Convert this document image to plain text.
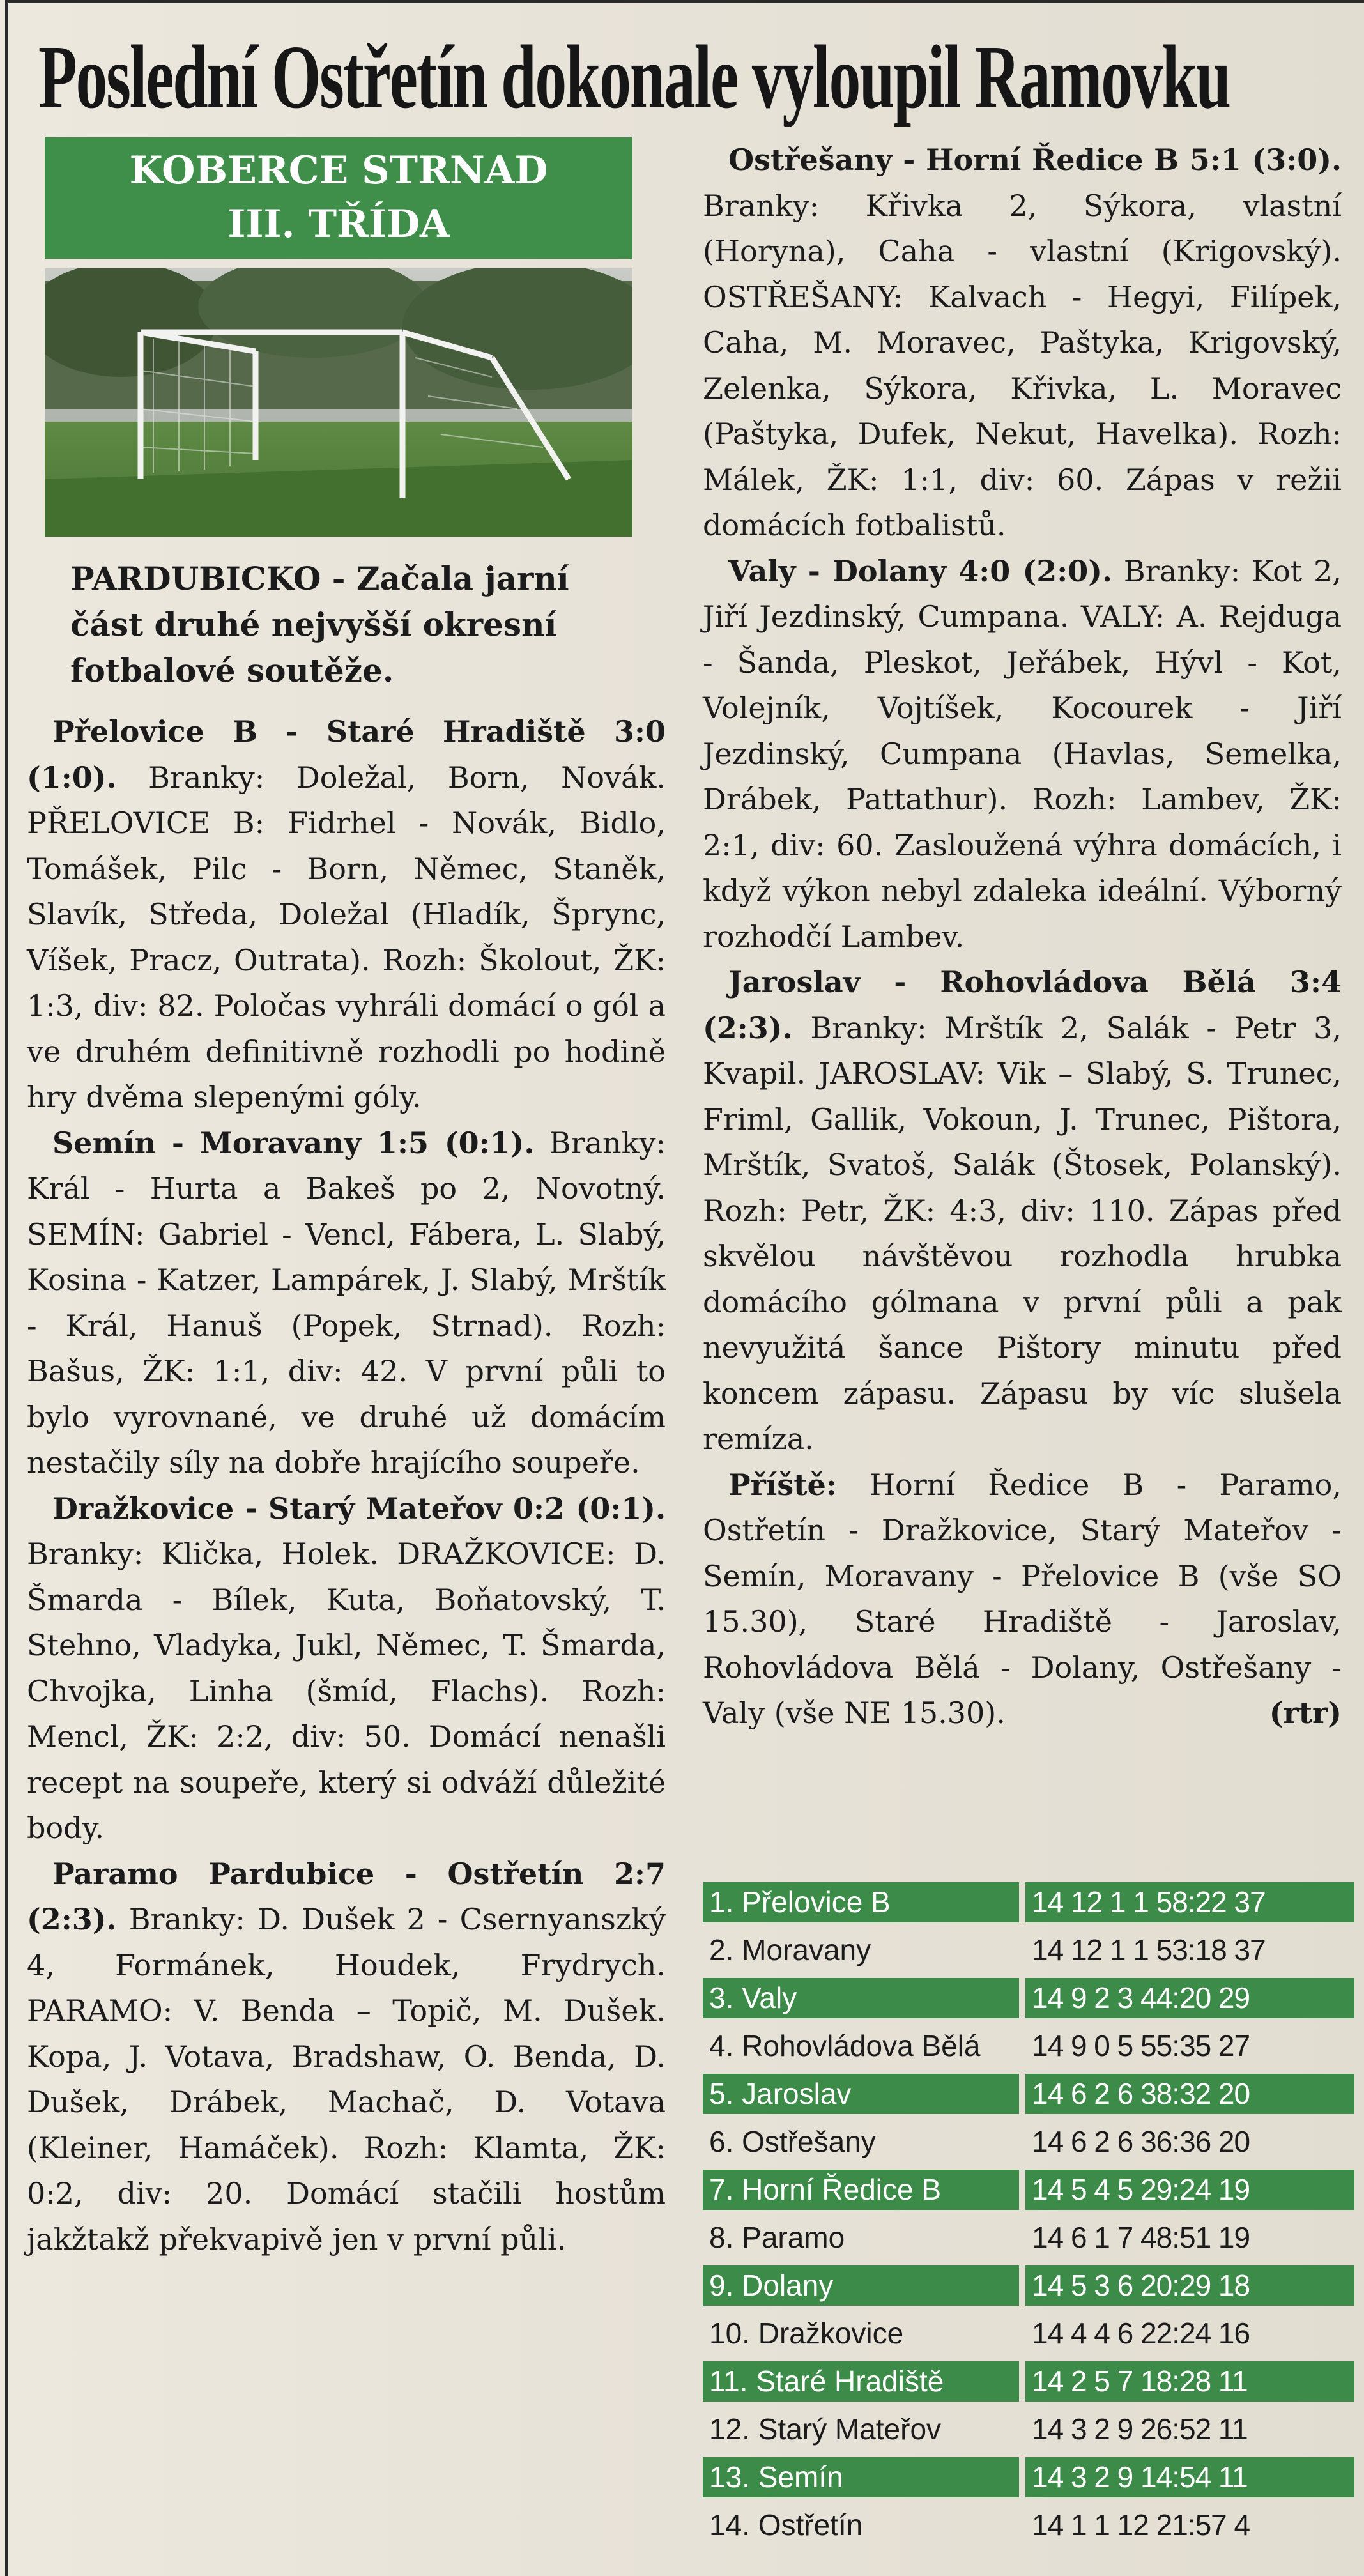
Poslední Ostřetín dokonale vyloupil Ramovku
KOBERCE STRNAD
III. TŘÍDA

PARDUBICKO - Začala jarní část druhé nejvyšší okresní fotbalové soutěže.

Přelovice B - Staré Hradiště 3:0 (1:0). Branky: Doležal, Born, Novák. PŘELOVICE B: Fidrhel - Novák, Bidlo, Tomášek, Pilc - Born, Němec, Staněk, Slavík, Středa, Doležal (Hladík, Šprync, Víšek, Pracz, Outrata). Rozh: Školout, ŽK: 1:3, div: 82. Poločas vyhráli domácí o gól a ve druhém definitivně rozhodli po hodině hry dvěma slepenými góly.

Semín - Moravany 1:5 (0:1). Branky: Král - Hurta a Bakeš po 2, Novotný. SEMÍN: Gabriel - Vencl, Fábera, L. Slabý, Kosina - Katzer, Lampárek, J. Slabý, Mrštík - Král, Hanuš (Popek, Strnad). Rozh: Bašus, ŽK: 1:1, div: 42. V první půli to bylo vyrovnané, ve druhé už domácím nestačily síly na dobře hrajícího soupeře.

Dražkovice - Starý Mateřov 0:2 (0:1). Branky: Klička, Holek. DRAŽKOVICE: D. Šmarda - Bílek, Kuta, Boňatovský, T. Stehno, Vladyka, Jukl, Němec, T. Šmarda, Chvojka, Linha (šmíd, Flachs). Rozh: Mencl, ŽK: 2:2, div: 50. Domácí nenašli recept na soupeře, který si odváží důležité body.

Paramo Pardubice - Ostřetín 2:7 (2:3). Branky: D. Dušek 2 - Csernyanszký 4, Formánek, Houdek, Frydrych. PARAMO: V. Benda – Topič, M. Dušek. Kopa, J. Votava, Bradshaw, O. Benda, D. Dušek, Drábek, Machač, D. Votava (Kleiner, Hamáček). Rozh: Klamta, ŽK: 0:2, div: 20. Domácí stačili hostům jakžtakž překvapivě jen v první půli.

Ostřešany - Horní Ředice B 5:1 (3:0). Branky: Křivka 2, Sýkora, vlastní (Horyna), Caha - vlastní (Krigovský). OSTŘEŠANY: Kalvach - Hegyi, Filípek, Caha, M. Moravec, Paštyka, Krigovský, Zelenka, Sýkora, Křivka, L. Moravec (Paštyka, Dufek, Nekut, Havelka). Rozh: Málek, ŽK: 1:1, div: 60. Zápas v režii domácích fotbalistů.

Valy - Dolany 4:0 (2:0). Branky: Kot 2, Jiří Jezdinský, Cumpana. VALY: A. Rejduga - Šanda, Pleskot, Jeřábek, Hývl - Kot, Volejník, Vojtíšek, Kocourek - Jiří Jezdinský, Cumpana (Havlas, Semelka, Drábek, Pattathur). Rozh: Lambev, ŽK: 2:1, div: 60. Zasloužená výhra domácích, i když výkon nebyl zdaleka ideální. Výborný rozhodčí Lambev.

Jaroslav - Rohovládova Bělá 3:4 (2:3). Branky: Mrštík 2, Salák - Petr 3, Kvapil. JAROSLAV: Vik – Slabý, S. Trunec, Friml, Gallik, Vokoun, J. Trunec, Pištora, Mrštík, Svatoš, Salák (Štosek, Polanský). Rozh: Petr, ŽK: 4:3, div: 110. Zápas před skvělou návštěvou rozhodla hrubka domácího gólmana v první půli a pak nevyužitá šance Pištory minutu před koncem zápasu. Zápasu by víc slušela remíza.

Příště: Horní Ředice B - Paramo, Ostřetín - Dražkovice, Starý Mateřov - Semín, Moravany - Přelovice B (vše SO 15.30), Staré Hradiště - Jaroslav, Rohovládova Bělá - Dolany, Ostřešany - Valy (vše NE 15.30).	(rtr)

1. Přelovice B	14 12 1 1 58:22 37
2. Moravany	14 12 1 1 53:18 37
3. Valy	14 9 2 3 44:20 29
4. Rohovládova Bělá	14 9 0 5 55:35 27
5. Jaroslav	14 6 2 6 38:32 20
6. Ostřešany	14 6 2 6 36:36 20
7. Horní Ředice B	14 5 4 5 29:24 19
8. Paramo	14 6 1 7 48:51 19
9. Dolany	14 5 3 6 20:29 18
10. Dražkovice	14 4 4 6 22:24 16
11. Staré Hradiště	14 2 5 7 18:28 11
12. Starý Mateřov	14 3 2 9 26:52 11
13. Semín	14 3 2 9 14:54 11
14. Ostřetín	14 1 1 12 21:57 4
